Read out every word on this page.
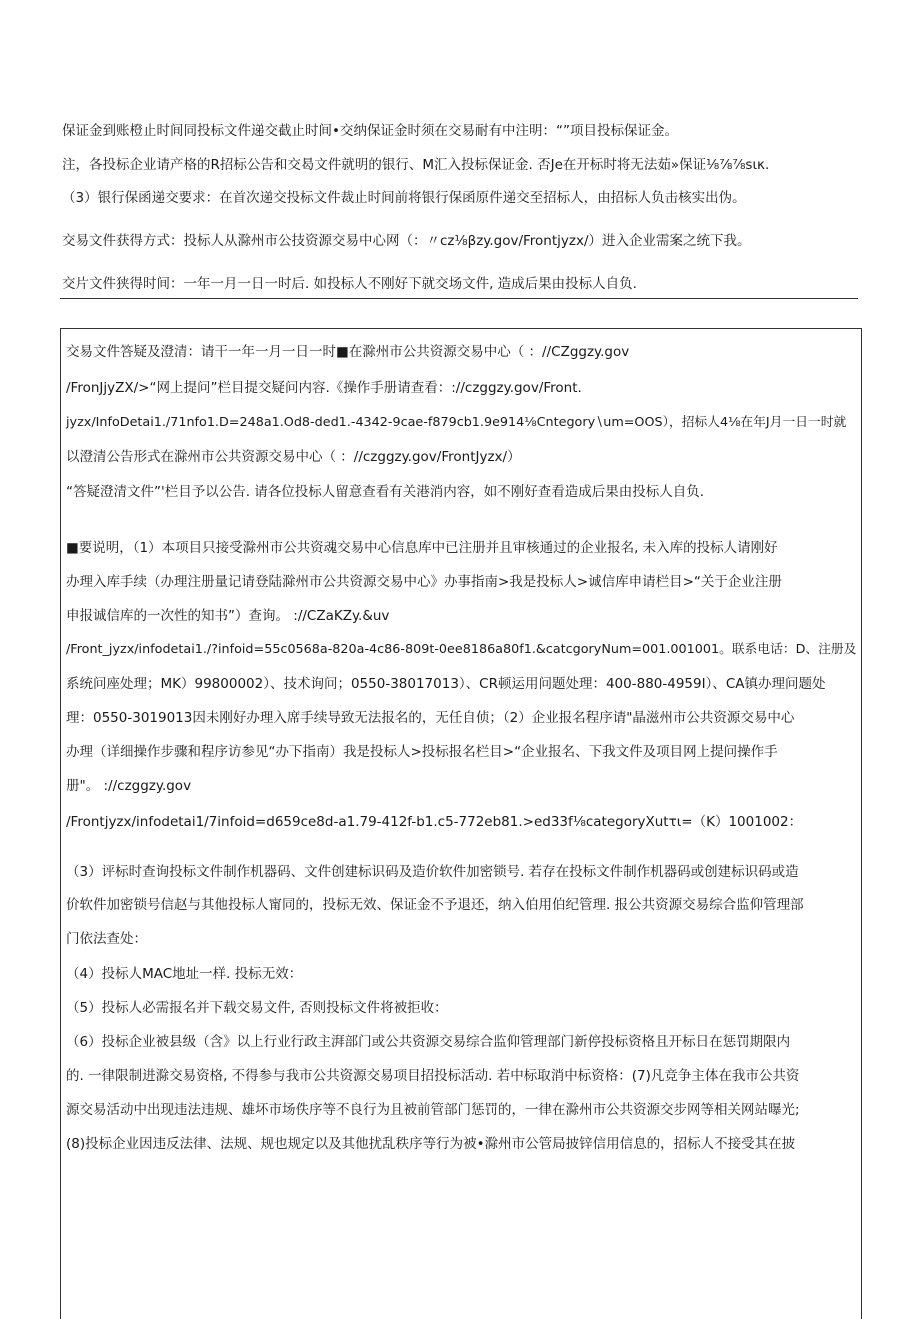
保证金到账橙止时间同投标文件递交截止时间•交纳保证金时须在交易耐有中注明：“”项目投标保证金。
注，各投标企业请产格的R招标公告和交曷文件就明的银行、M汇入投标保证金. 否Je在开标时将无法茹»保证⅛⅞⅞sικ.
（3）银行保函递交要求：在首次递交投标文件裁止时间前将银行保函原件递交至招标人，由招标人负击核实出伪。
交易文件获得方式：投标人从滁州市公技资源交易中心网（：〃cz⅛βzy.gov/Frontjyzx∕）进入企业需案之统下我。
交片文件狭得时间：一年一月一日一时后. 如投标人不刚好下就交场文件, 造成后果由投标人自负.
交易文件答疑及澄清：请干一年一月一日一时■在滁州市公共资源交易中心（ ：//CZggzy.gov
/FronJjyZX/>“网上提问”栏目提交疑问内容.《操作手册请查看：://czggzy.gov/Front.
jyzx/InfoDetai1./71nfo1.D=248a1.Od8-ded1.-4342-9cae-f879cb1.9e914⅛Cntegory∖um=OOS），招标人4⅛在年J月一日一时就
以澄清公告形式在滁州市公共资源交易中心（ ：//czggzy.gov/FrontJyzx∕）
“答疑澄清文件”'栏目予以公告. 请各位投标人留意查看有关港消内容，如不刚好查看造成后果由投标人自负.
■要说明，（1）本项目只接受滁州市公共资魂交易中心信息库中已注册并且审核通过的企业报名, 未入库的投标人请刚好
办理入库手续（办理注册量记请登陆滁州市公共资源交易中心》办事指南>我是投标人>诚信库申请栏目>“关于企业注册
申报诚信库的一次性的知书”）查询。 ://CZaKZy.&uv
/Front_jyzx/infodetai1./?infoid=55c0568a-820a-4c86-809t-0ee8186a80f1.&catcgoryNum=001.001001。联系电话：D、注册及
系统问座处理；MK）99800002）、技术询问；0550-38017013）、CR顿运用问题处理：400-880-4959I）、CA镇办理问题处
理：0550-3019013因未刚好办理入席手续导致无法报名的，无任自侦；（2）企业报名程序请"晶滋州市公共资源交易中心
办理（详细操作步骤和程序访参见“办下指南）我是投标人>投标报名栏目>“企业报名、下我文件及项目网上提问操作手
册"。 ://czggzy.gov
/Frontjyzx/infodetai1∕7infoid=d659ce8d-a1.79-412f-b1.c5-772eb81.>ed33f⅛categoryXutτι=（K）1001002：
（3）评标时查询投标文件制作机器码、文件创建标识码及造价软件加密锁号. 若存在投标文件制作机器码或创建标识码或造
价软件加密锁号信赵与其他投标人甯同的，投标无效、保证金不予退还，纳入伯用伯纪管理. 报公共资源交易综合监仰管理部
门依法查处：
（4）投标人MAC地址一样. 投标无效：
（5）投标人必需报名并下载交易文件, 否则投标文件将被拒收：
（6）投标企业被县级（含》以上行业行政主湃部门或公共资源交易综合监仰管理部门新停投标资格且开标日在惩罚期限内
的. 一律限制进滁交易资格, 不得参与我市公共资源交易项目招投标活动. 若中标取消中标资格：(7)凡竞争主体在我市公共资
源交易活动中出现违法违规、雄坏市场佚序等不良行为且被前管部门惩罚的，一律在滁州市公共资源交步网等相关网站曝光;
(8)投标企业因违反法律、法规、规也规定以及其他扰乱秩序等行为被•滁州市公管局披锌信用信息的，招标人不接受其在披
